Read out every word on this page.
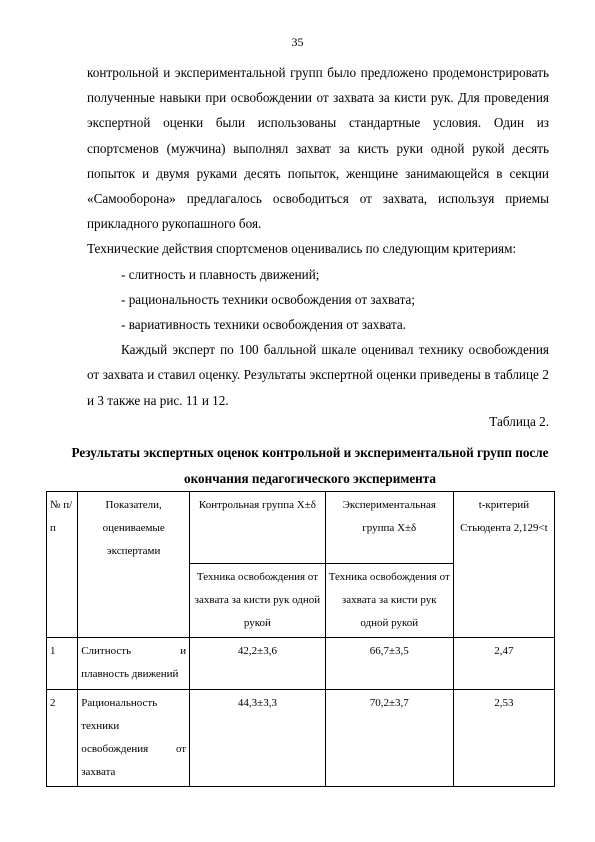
35

контрольной и экспериментальной групп было предложено продемонстрировать полученные навыки при освобождении от захвата за кисти рук. Для проведения экспертной оценки были использованы стандартные условия. Один из спортсменов (мужчина) выполнял захват за кисть руки одной рукой десять попыток и двумя руками десять попыток, женщине занимающейся в секции «Самооборона» предлагалось освободиться от захвата, используя приемы прикладного рукопашного боя.

Технические действия спортсменов оценивались по следующим критериям:

- слитность и плавность движений;

- рациональность техники освобождения от захвата;

- вариативность техники освобождения от захвата.

Каждый эксперт по 100 балльной шкале оценивал технику освобождения от захвата и ставил оценку. Результаты экспертной оценки приведены в таблице 2 и 3 также на рис. 11 и 12.

Таблица 2.
Результаты экспертных оценок контрольной и экспериментальной групп после окончания педагогического эксперимента
№ п/п	Показатели, оцениваемые экспертами	Контрольная группа Х±δ	Экспериментальная группа Х±δ	t-критерий Стьюдента 2,129<t
		Техника освобождения от захвата за кисти рук одной рукой	Техника освобождения от захвата за кисти рук одной рукой	
1	Слитность и
плавность движений	42,2±3,6	66,7±3,5	2,47
2	Рациональность
техники
освобождения от
захвата	44,3±3,3	70,2±3,7	2,53
